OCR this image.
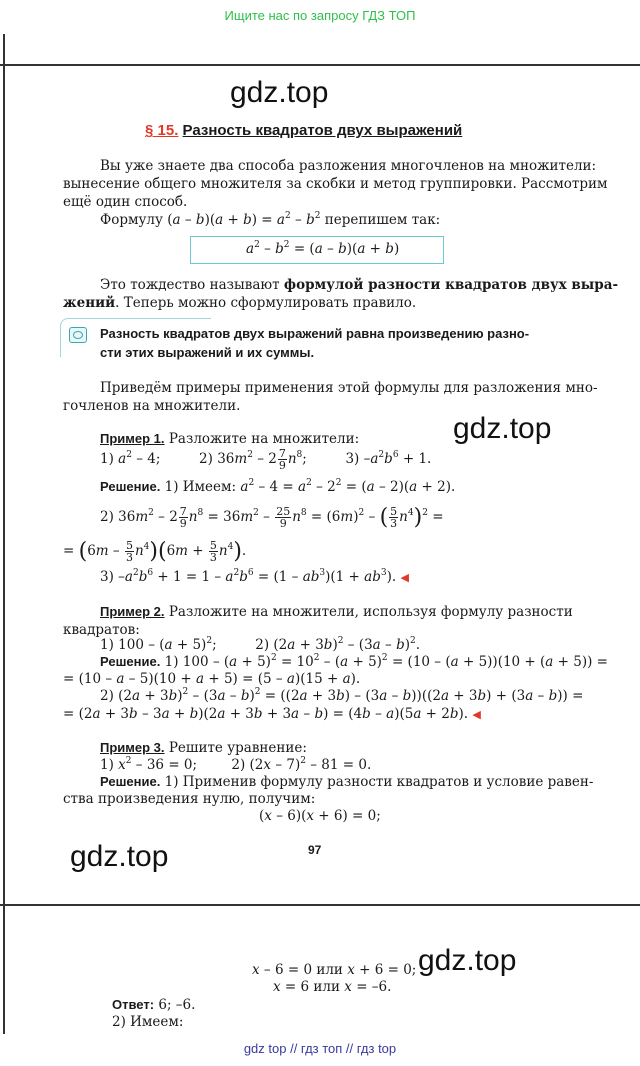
Ищите нас по запросу ГДЗ ТОП
gdz.top
gdz.top
gdz.top
gdz.top
§ 15. Разность квадратов двух выражений
Вы уже знаете два способа разложения многочленов на множители:
вынесение общего множителя за скобки и метод группировки. Рассмотрим
ещё один способ.
Формулу $(a - b)(a + b) = a^2 - b^2$ перепишем так:
$a^2 - b^2 = (a - b)(a + b)$
Это тождество называют формулой разности квадратов двух выра-
жений. Теперь можно сформулировать правило.
Разность квадратов двух выражений равна произведению разно-
сти этих выражений и их суммы.
Приведём примеры применения этой формулы для разложения мно-
гочленов на множители.
Пример 1. Разложите на множители:
1) $a^2 - 4$;         2) $36m^2 - 2 \frac{7}{9} n^8$;         3) $-a^2b^6 + 1$.
Решение. 1) Имеем: $a^2 - 4 = a^2 - 2^2 = (a - 2)(a + 2)$.
2) $36m^2 - 2 \frac{7}{9} n^8 = 36m^2 - \frac{25}{9} n^8 = (6m)^2$ – ( $\frac{5}{3} n^4)^2$ =
= $(6m - \frac{5}{3} n^4)(6m + \frac{5}{3} n^4)$.
3) $-a^2b^6 + 1 = 1 - a^2b^6 = (1 - ab^3)(1 + ab^3)$. ◀
Пример 2. Разложите на множители, используя формулу разности
квадратов:
1) $100 - (a + 5)^2$;         2) $(2a + 3b)^2 - (3a - b)^2$.
Решение. 1) $100 - (a + 5)^2 = 10^2 - (a + 5)^2 = (10 - (a + 5))(10 + (a + 5))$ =
= (10 – a – 5)(10 + a + 5) = (5 – a)(15 + a).
2) $(2a + 3b)^2 - (3a - b)^2 = ((2a + 3b) - (3a - b))((2a + 3b) + (3a - b))$ =
= (2a + 3b – 3a + b)(2a + 3b + 3a – b) = (4b – a)(5a + 2b). ◀
Пример 3. Решите уравнение:
1) $x^2 - 36 = 0$;        2) (2x – 7)$^2$ – 81 = 0.
Решение. 1) Применив формулу разности квадратов и условие равен-
ства произведения нулю, получим:
(x – 6)(x + 6) = 0;
97
x – 6 = 0 или x + 6 = 0;
x = 6 или x = –6.
Ответ: 6; –6.
2) Имеем:
gdz top // гдз топ // гдз top
